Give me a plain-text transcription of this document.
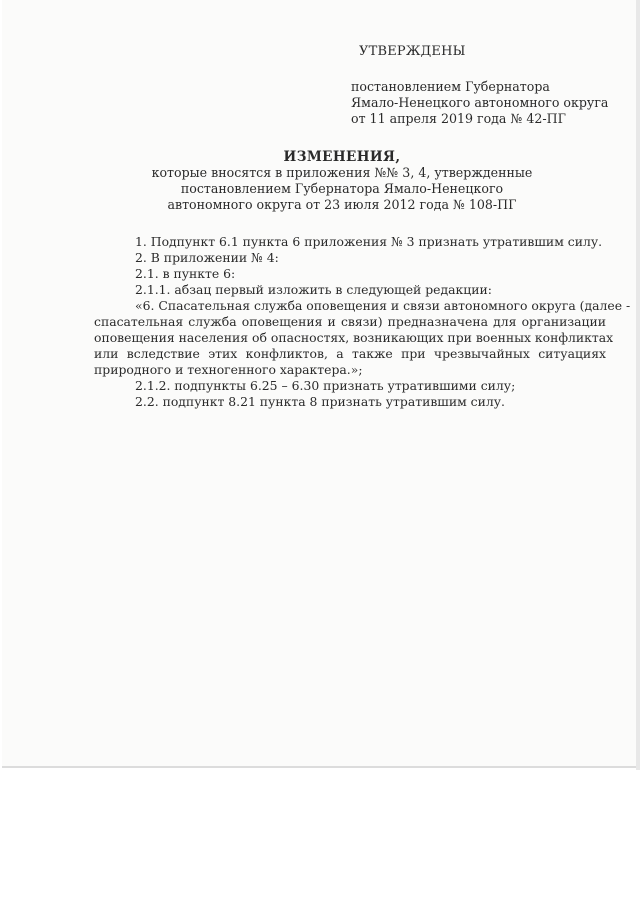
УТВЕРЖДЕНЫ
постановлением Губернатора
Ямало-Ненецкого автономного округа
от 11 апреля 2019 года № 42-ПГ
ИЗМЕНЕНИЯ,
которые вносятся в приложения №№ 3, 4, утвержденные
постановлением Губернатора Ямало-Ненецкого
автономного округа от 23 июля 2012 года № 108-ПГ
1. Подпункт 6.1 пункта 6 приложения № 3 признать утратившим силу.
2. В приложении № 4:
2.1. в пункте 6:
2.1.1. абзац первый изложить в следующей редакции:
«6. Спасательная служба оповещения и связи автономного округа (далее -
спасательная служба оповещения и связи) предназначена для организации
оповещения населения об опасностях, возникающих при военных конфликтах
или вследствие этих конфликтов, а также при чрезвычайных ситуациях
природного и техногенного характера.»;
2.1.2. подпункты 6.25 – 6.30 признать утратившими силу;
2.2. подпункт 8.21 пункта 8 признать утратившим силу.
